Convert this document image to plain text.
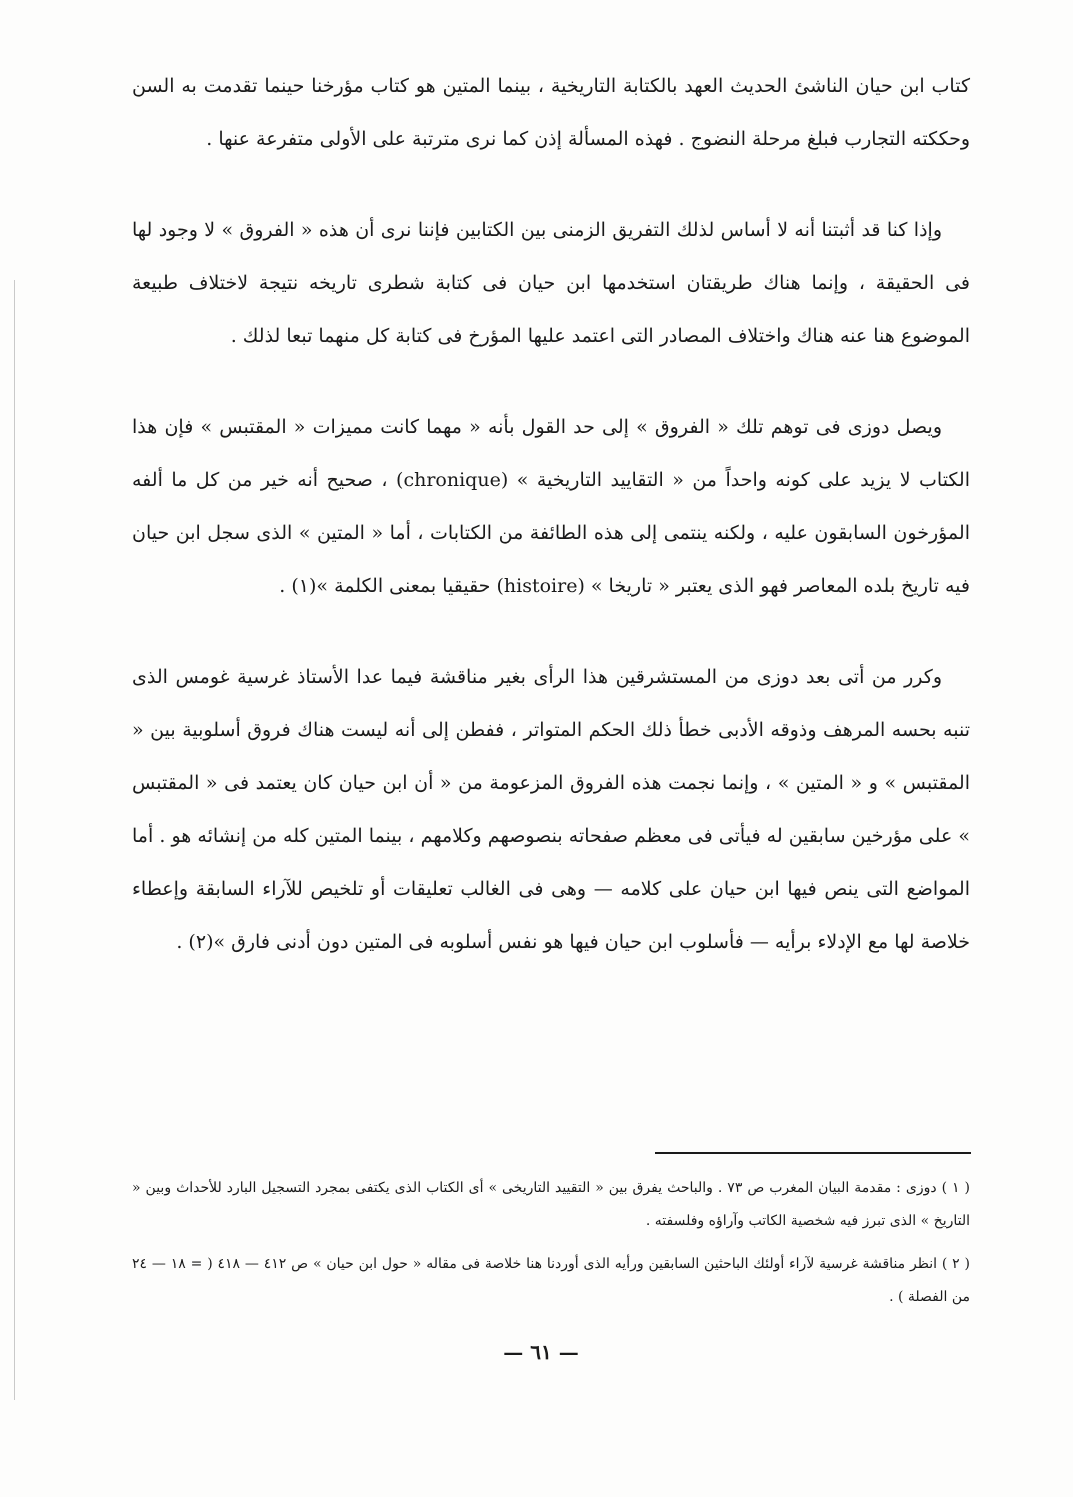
كتاب ابن حيان الناشئ الحديث العهد بالكتابة التاريخية ، بينما المتين هو كتاب مؤرخنا حينما تقدمت به السن وحككته التجارب فبلغ مرحلة النضوج . فهذه المسألة إذن كما نرى مترتبة على الأولى متفرعة عنها .

وإذا كنا قد أثبتنا أنه لا أساس لذلك التفريق الزمنى بين الكتابين فإننا نرى أن هذه « الفروق » لا وجود لها فى الحقيقة ، وإنما هناك طريقتان استخدمها ابن حيان فى كتابة شطرى تاريخه نتيجة لاختلاف طبيعة الموضوع هنا عنه هناك واختلاف المصادر التى اعتمد عليها المؤرخ فى كتابة كل منهما تبعا لذلك .

ويصل دوزى فى توهم تلك « الفروق » إلى حد القول بأنه « مهما كانت مميزات « المقتبس » فإن هذا الكتاب لا يزيد على كونه واحداً من « التقاييد التاريخية » (chronique) ، صحيح أنه خير من كل ما ألفه المؤرخون السابقون عليه ، ولكنه ينتمى إلى هذه الطائفة من الكتابات ، أما « المتين » الذى سجل ابن حيان فيه تاريخ بلده المعاصر فهو الذى يعتبر « تاريخا » (histoire) حقيقيا بمعنى الكلمة »(١) .

وكرر من أتى بعد دوزى من المستشرقين هذا الرأى بغير مناقشة فيما عدا الأستاذ غرسية غومس الذى تنبه بحسه المرهف وذوقه الأدبى خطأ ذلك الحكم المتواتر ، ففطن إلى أنه ليست هناك فروق أسلوبية بين « المقتبس » و « المتين » ، وإنما نجمت هذه الفروق المزعومة من « أن ابن حيان كان يعتمد فى « المقتبس » على مؤرخين سابقين له فيأتى فى معظم صفحاته بنصوصهم وكلامهم ، بينما المتين كله من إنشائه هو . أما المواضع التى ينص فيها ابن حيان على كلامه — وهى فى الغالب تعليقات أو تلخيص للآراء السابقة وإعطاء خلاصة لها مع الإدلاء برأيه — فأسلوب ابن حيان فيها هو نفس أسلوبه فى المتين دون أدنى فارق »(٢) .

( ١ ) دوزى : مقدمة البيان المغرب ص ٧٣ . والباحث يفرق بين « التقييد التاريخى » أى الكتاب الذى يكتفى بمجرد التسجيل البارد للأحداث وبين « التاريخ » الذى تبرز فيه شخصية الكاتب وآراؤه وفلسفته .

( ٢ ) انظر مناقشة غرسية لآراء أولئك الباحثين السابقين ورأيه الذى أوردنا هنا خلاصة فى مقاله « حول ابن حيان » ص ٤١٢ — ٤١٨ ( = ١٨ — ٢٤ من الفصلة ) .

— ٦١ —
